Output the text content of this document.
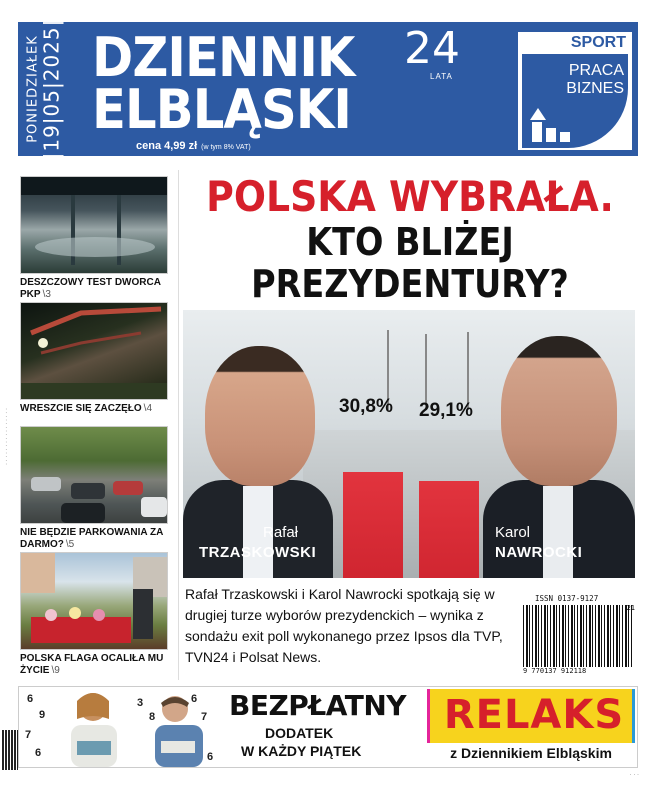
PONIEDZIAŁEK |19|05|2025| DZIENNIK
ELBLĄSKI
24
LATA
cena 4,99 zł (w tym 8% VAT)
SPORT
PRACA
BIZNES
· · · · · · · · · · · · · · · ·
DESZCZOWY TEST DWORCA PKP \3
WRESZCIE SIĘ ZACZĘŁO \4
NIE BĘDZIE PARKOWANIA ZA DARMO? \5
POLSKA FLAGA OCALIŁA MU ŻYCIE \9
POLSKA WYBRAŁA.
KTO BLIŻEJ
PREZYDENTURY?
30,8% 29,1%
Rafał
TRZASKOWSKI
Karol
NAWROCKI
Rafał Trzaskowski i Karol Nawrocki spotkają się w drugiej turze wyborów prezydenckich – wynika z sondażu exit poll wykonanego przez Ipsos dla TVP, TVN24 i Polsat News.
ISSN 0137-9127
9 770137 912118
21
6
9
7
6
3
8
6
7
6
BEZPŁATNY
DODATEK
W KAŻDY PIĄTEK
RELAKS
z Dziennikiem Elbląskim
· · ·
